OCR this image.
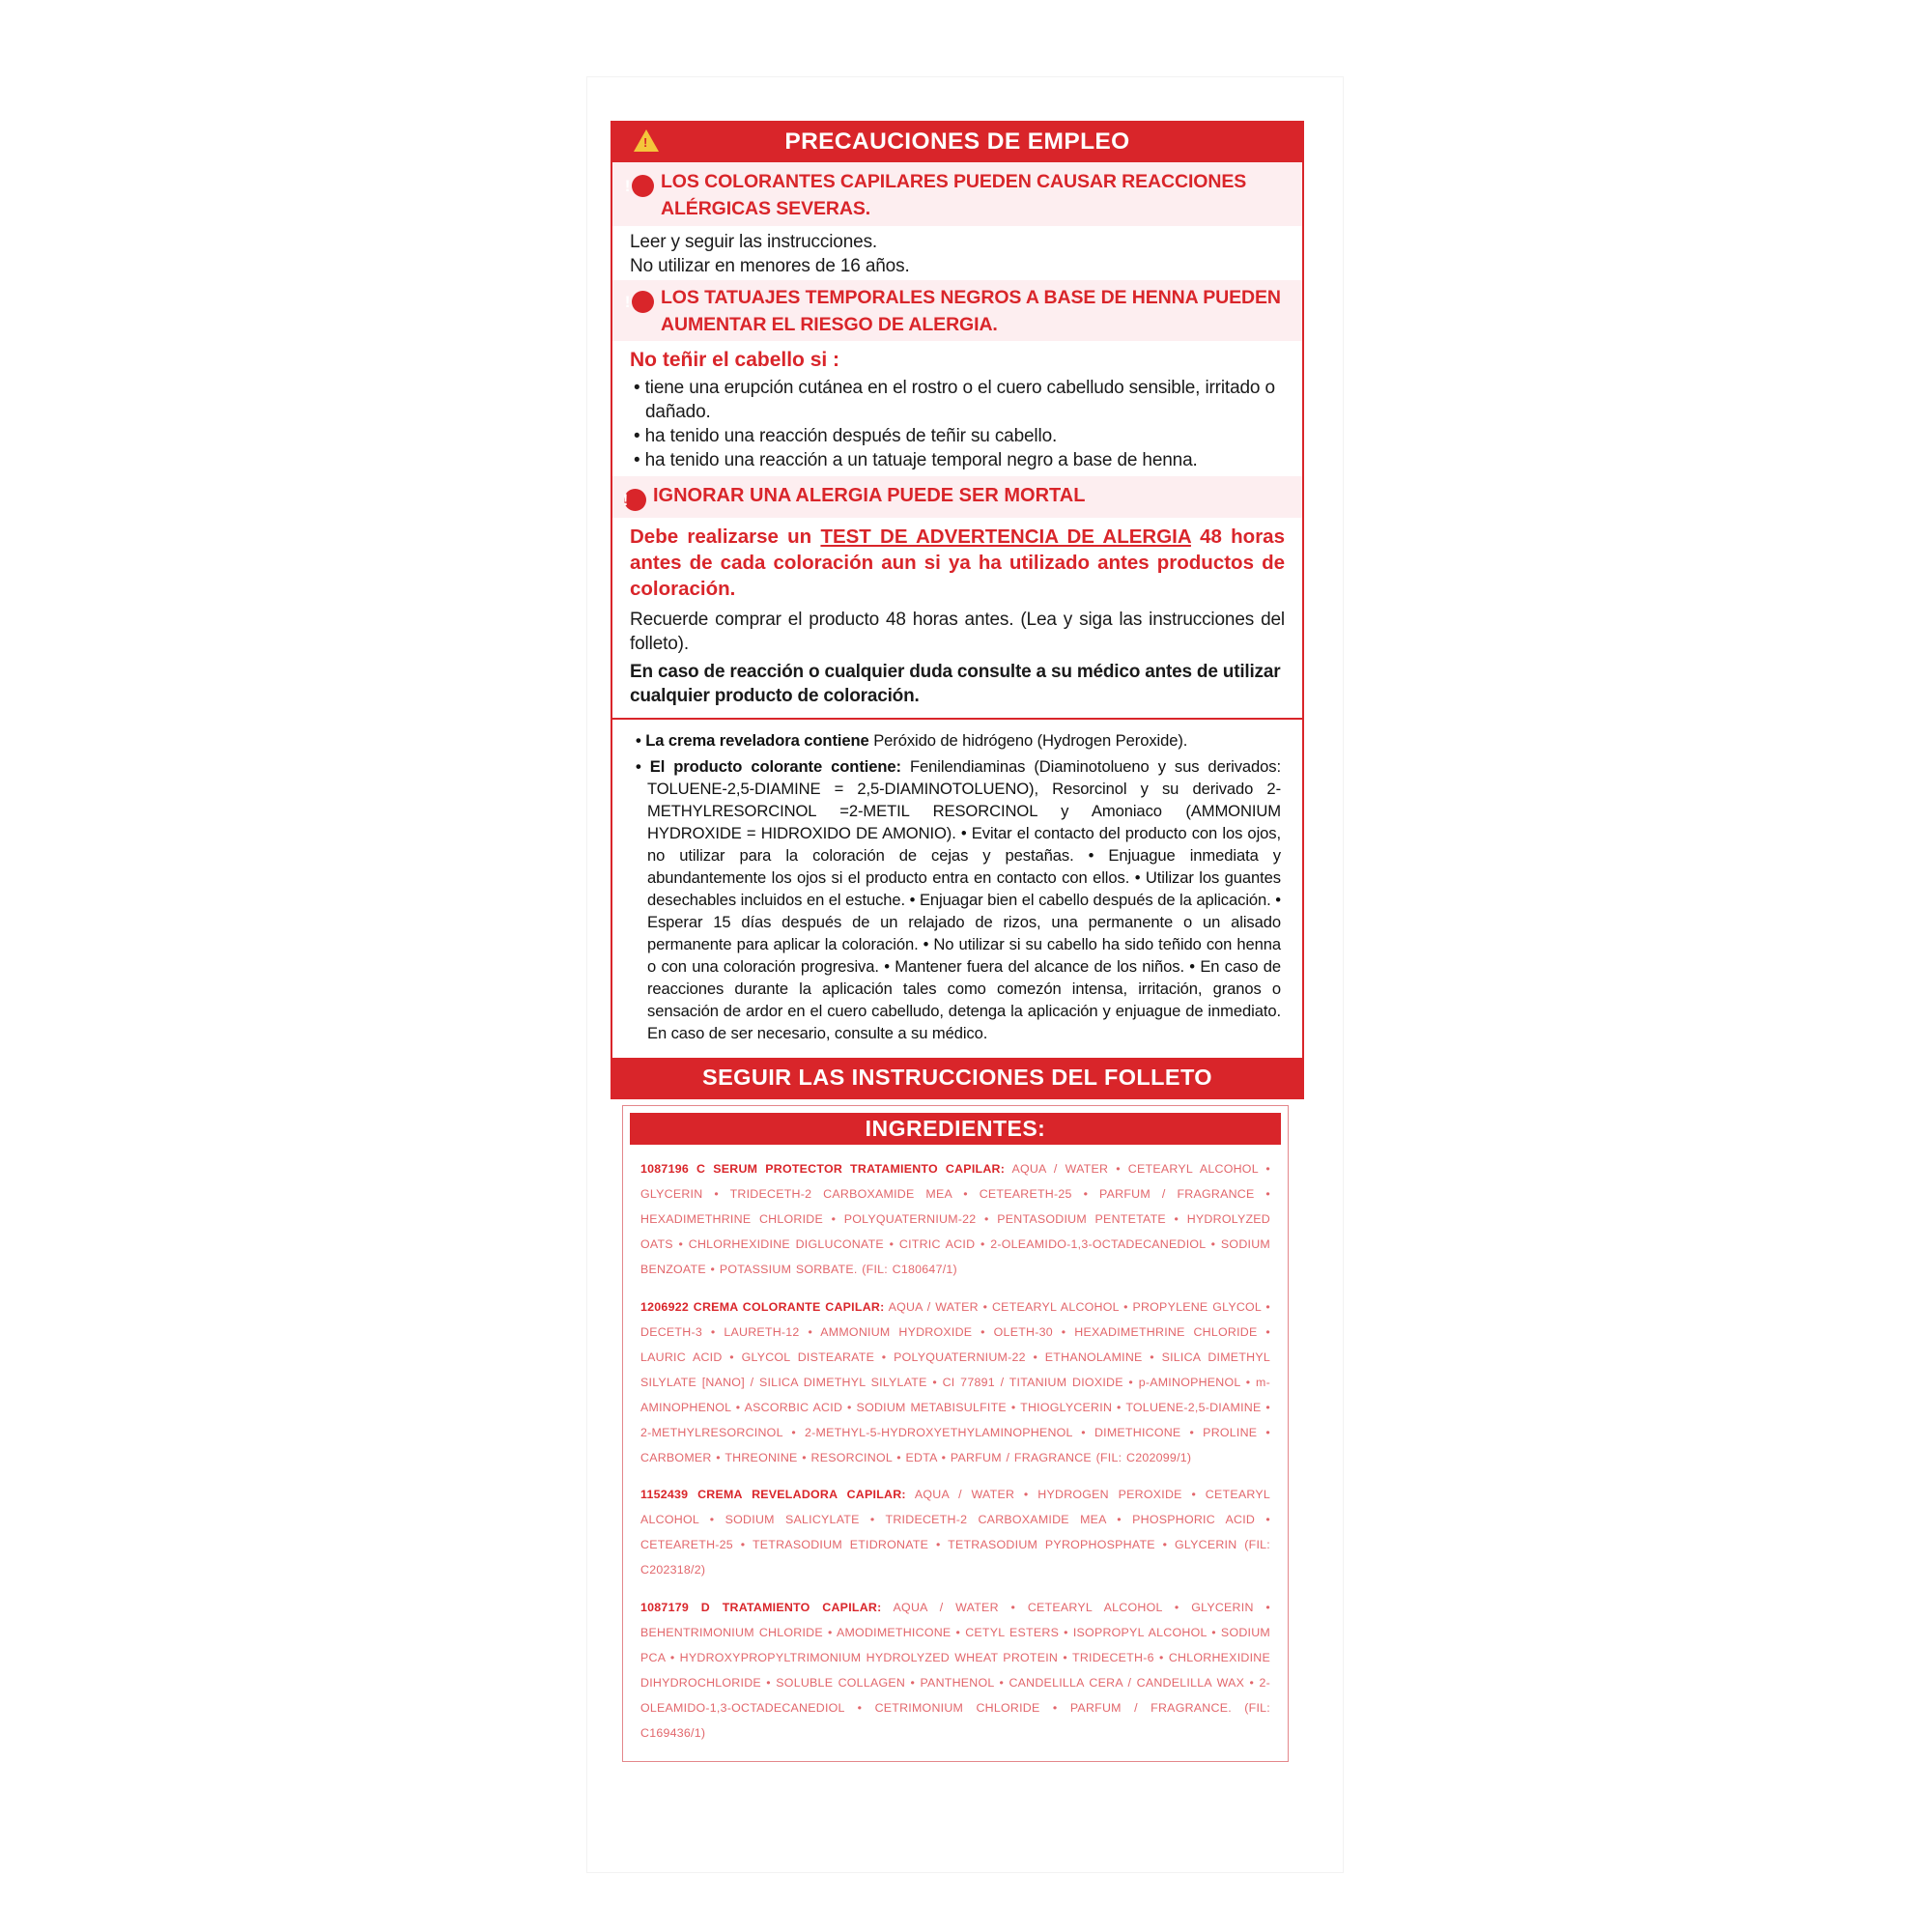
!
PRECAUCIONES DE EMPLEO
! LOS COLORANTES CAPILARES PUEDEN CAUSAR REACCIONES ALÉRGICAS SEVERAS.
Leer y seguir las instrucciones.
No utilizar en menores de 16 años.
! LOS TATUAJES TEMPORALES NEGROS A BASE DE HENNA PUEDEN AUMENTAR EL RIESGO DE ALERGIA.
No teñir el cabello si :
• tiene una erupción cutánea en el rostro o el cuero cabelludo sensible, irritado o dañado.
• ha tenido una reacción después de teñir su cabello.
• ha tenido una reacción a un tatuaje temporal negro a base de henna.
! IGNORAR UNA ALERGIA PUEDE SER MORTAL

Debe realizarse un TEST DE ADVERTENCIA DE ALERGIA 48 horas antes de cada coloración aun si ya ha utilizado antes productos de coloración.

Recuerde comprar el producto 48 horas antes. (Lea y siga las instrucciones del folleto).

En caso de reacción o cualquier duda consulte a su médico antes de utilizar cualquier producto de coloración.

• La crema reveladora contiene Peróxido de hidrógeno (Hydrogen Peroxide).

• El producto colorante contiene: Fenilendiaminas (Diaminotolueno y sus derivados: TOLUENE-2,5-DIAMINE = 2,5-DIAMINOTOLUENO), Resorcinol y su derivado 2-METHYLRESORCINOL =2-METIL RESORCINOL y Amoniaco (AMMONIUM HYDROXIDE = HIDROXIDO DE AMONIO). • Evitar el contacto del producto con los ojos, no utilizar para la coloración de cejas y pestañas. • Enjuague inmediata y abundantemente los ojos si el producto entra en contacto con ellos. • Utilizar los guantes desechables incluidos en el estuche. • Enjuagar bien el cabello después de la aplicación. • Esperar 15 días después de un relajado de rizos, una permanente o un alisado permanente para aplicar la coloración. • No utilizar si su cabello ha sido teñido con henna o con una coloración progresiva. • Mantener fuera del alcance de los niños. • En caso de reacciones durante la aplicación tales como comezón intensa, irritación, granos o sensación de ardor en el cuero cabelludo, detenga la aplicación y enjuague de inmediato. En caso de ser necesario, consulte a su médico.

SEGUIR LAS INSTRUCCIONES DEL FOLLETO
INGREDIENTES:

1087196 C SERUM PROTECTOR TRATAMIENTO CAPILAR: AQUA / WATER • CETEARYL ALCOHOL • GLYCERIN • TRIDECETH-2 CARBOXAMIDE MEA • CETEARETH-25 • PARFUM / FRAGRANCE • HEXADIMETHRINE CHLORIDE • POLYQUATERNIUM-22 • PENTASODIUM PENTETATE • HYDROLYZED OATS • CHLORHEXIDINE DIGLUCONATE • CITRIC ACID • 2-OLEAMIDO-1,3-OCTADECANEDIOL • SODIUM BENZOATE • POTASSIUM SORBATE. (FIL: C180647/1)

1206922 CREMA COLORANTE CAPILAR: AQUA / WATER • CETEARYL ALCOHOL • PROPYLENE GLYCOL • DECETH-3 • LAURETH-12 • AMMONIUM HYDROXIDE • OLETH-30 • HEXADIMETHRINE CHLORIDE • LAURIC ACID • GLYCOL DISTEARATE • POLYQUATERNIUM-22 • ETHANOLAMINE • SILICA DIMETHYL SILYLATE [NANO] / SILICA DIMETHYL SILYLATE • CI 77891 / TITANIUM DIOXIDE • p-AMINOPHENOL • m-AMINOPHENOL • ASCORBIC ACID • SODIUM METABISULFITE • THIOGLYCERIN • TOLUENE-2,5-DIAMINE • 2-METHYLRESORCINOL • 2-METHYL-5-HYDROXYETHYLAMINOPHENOL • DIMETHICONE • PROLINE • CARBOMER • THREONINE • RESORCINOL • EDTA • PARFUM / FRAGRANCE (FIL: C202099/1)

1152439 CREMA REVELADORA CAPILAR: AQUA / WATER • HYDROGEN PEROXIDE • CETEARYL ALCOHOL • SODIUM SALICYLATE • TRIDECETH-2 CARBOXAMIDE MEA • PHOSPHORIC ACID • CETEARETH-25 • TETRASODIUM ETIDRONATE • TETRASODIUM PYROPHOSPHATE • GLYCERIN (FIL: C202318/2)

1087179 D TRATAMIENTO CAPILAR: AQUA / WATER • CETEARYL ALCOHOL • GLYCERIN • BEHENTRIMONIUM CHLORIDE • AMODIMETHICONE • CETYL ESTERS • ISOPROPYL ALCOHOL • SODIUM PCA • HYDROXYPROPYLTRIMONIUM HYDROLYZED WHEAT PROTEIN • TRIDECETH-6 • CHLORHEXIDINE DIHYDROCHLORIDE • SOLUBLE COLLAGEN • PANTHENOL • CANDELILLA CERA / CANDELILLA WAX • 2-OLEAMIDO-1,3-OCTADECANEDIOL • CETRIMONIUM CHLORIDE • PARFUM / FRAGRANCE. (FIL: C169436/1)
